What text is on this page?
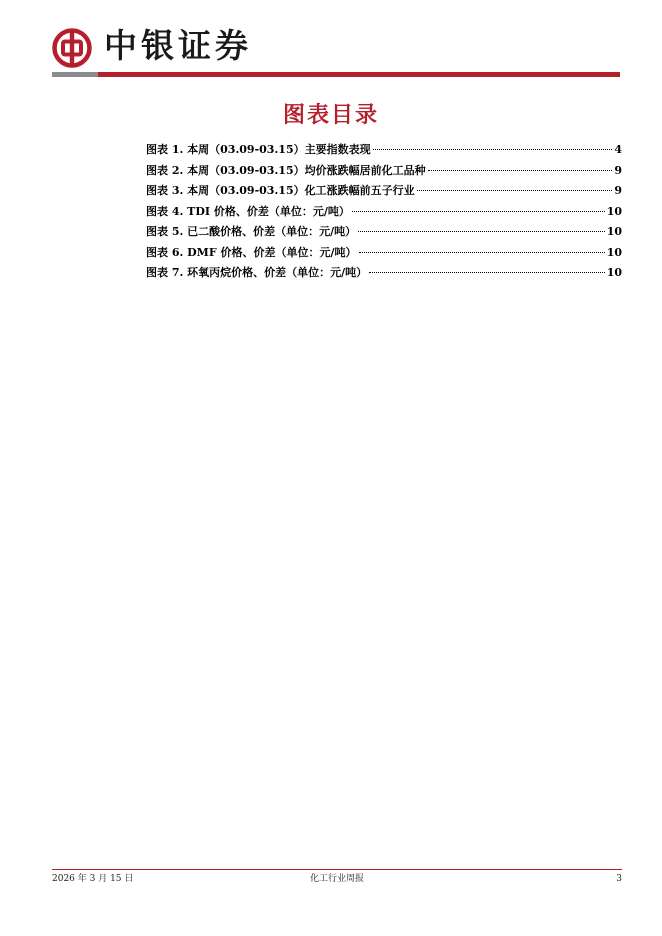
中银证券
图表目录
图表 1. 本周（03.09-03.15）主要指数表现	4
图表 2. 本周（03.09-03.15）均价涨跌幅居前化工品种	9
图表 3. 本周（03.09-03.15）化工涨跌幅前五子行业	9
图表 4. TDI 价格、价差（单位：元/吨）	10
图表 5. 已二酸价格、价差（单位：元/吨）	10
图表 6. DMF 价格、价差（单位：元/吨）	10
图表 7. 环氧丙烷价格、价差（单位：元/吨）	10
2026 年 3 月 15 日	化工行业周报	3
